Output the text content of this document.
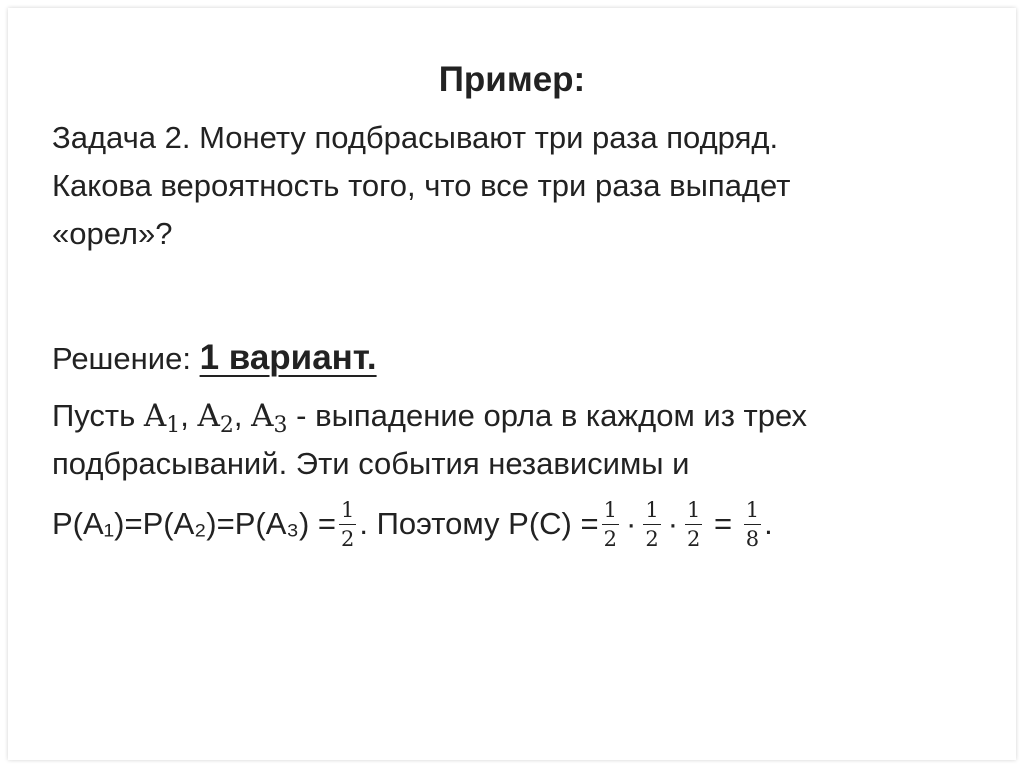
Пример:
Задача 2. Монету подбрасывают три раза подряд.
Какова вероятность того, что все три раза выпадет
«орел»?
Решение: 1 вариант.
Пусть $A_1$, $A_2$, $A_3$ - выпадение орла в каждом из трех
подбрасываний. Эти события независимы и
$P(A_1)=P(A_2)=P(A_3) = \frac{1}{2}$ . Поэтому $P(C) = \frac{1}{2} \cdot \frac{1}{2} \cdot \frac{1}{2} = \frac{1}{8}$ .
